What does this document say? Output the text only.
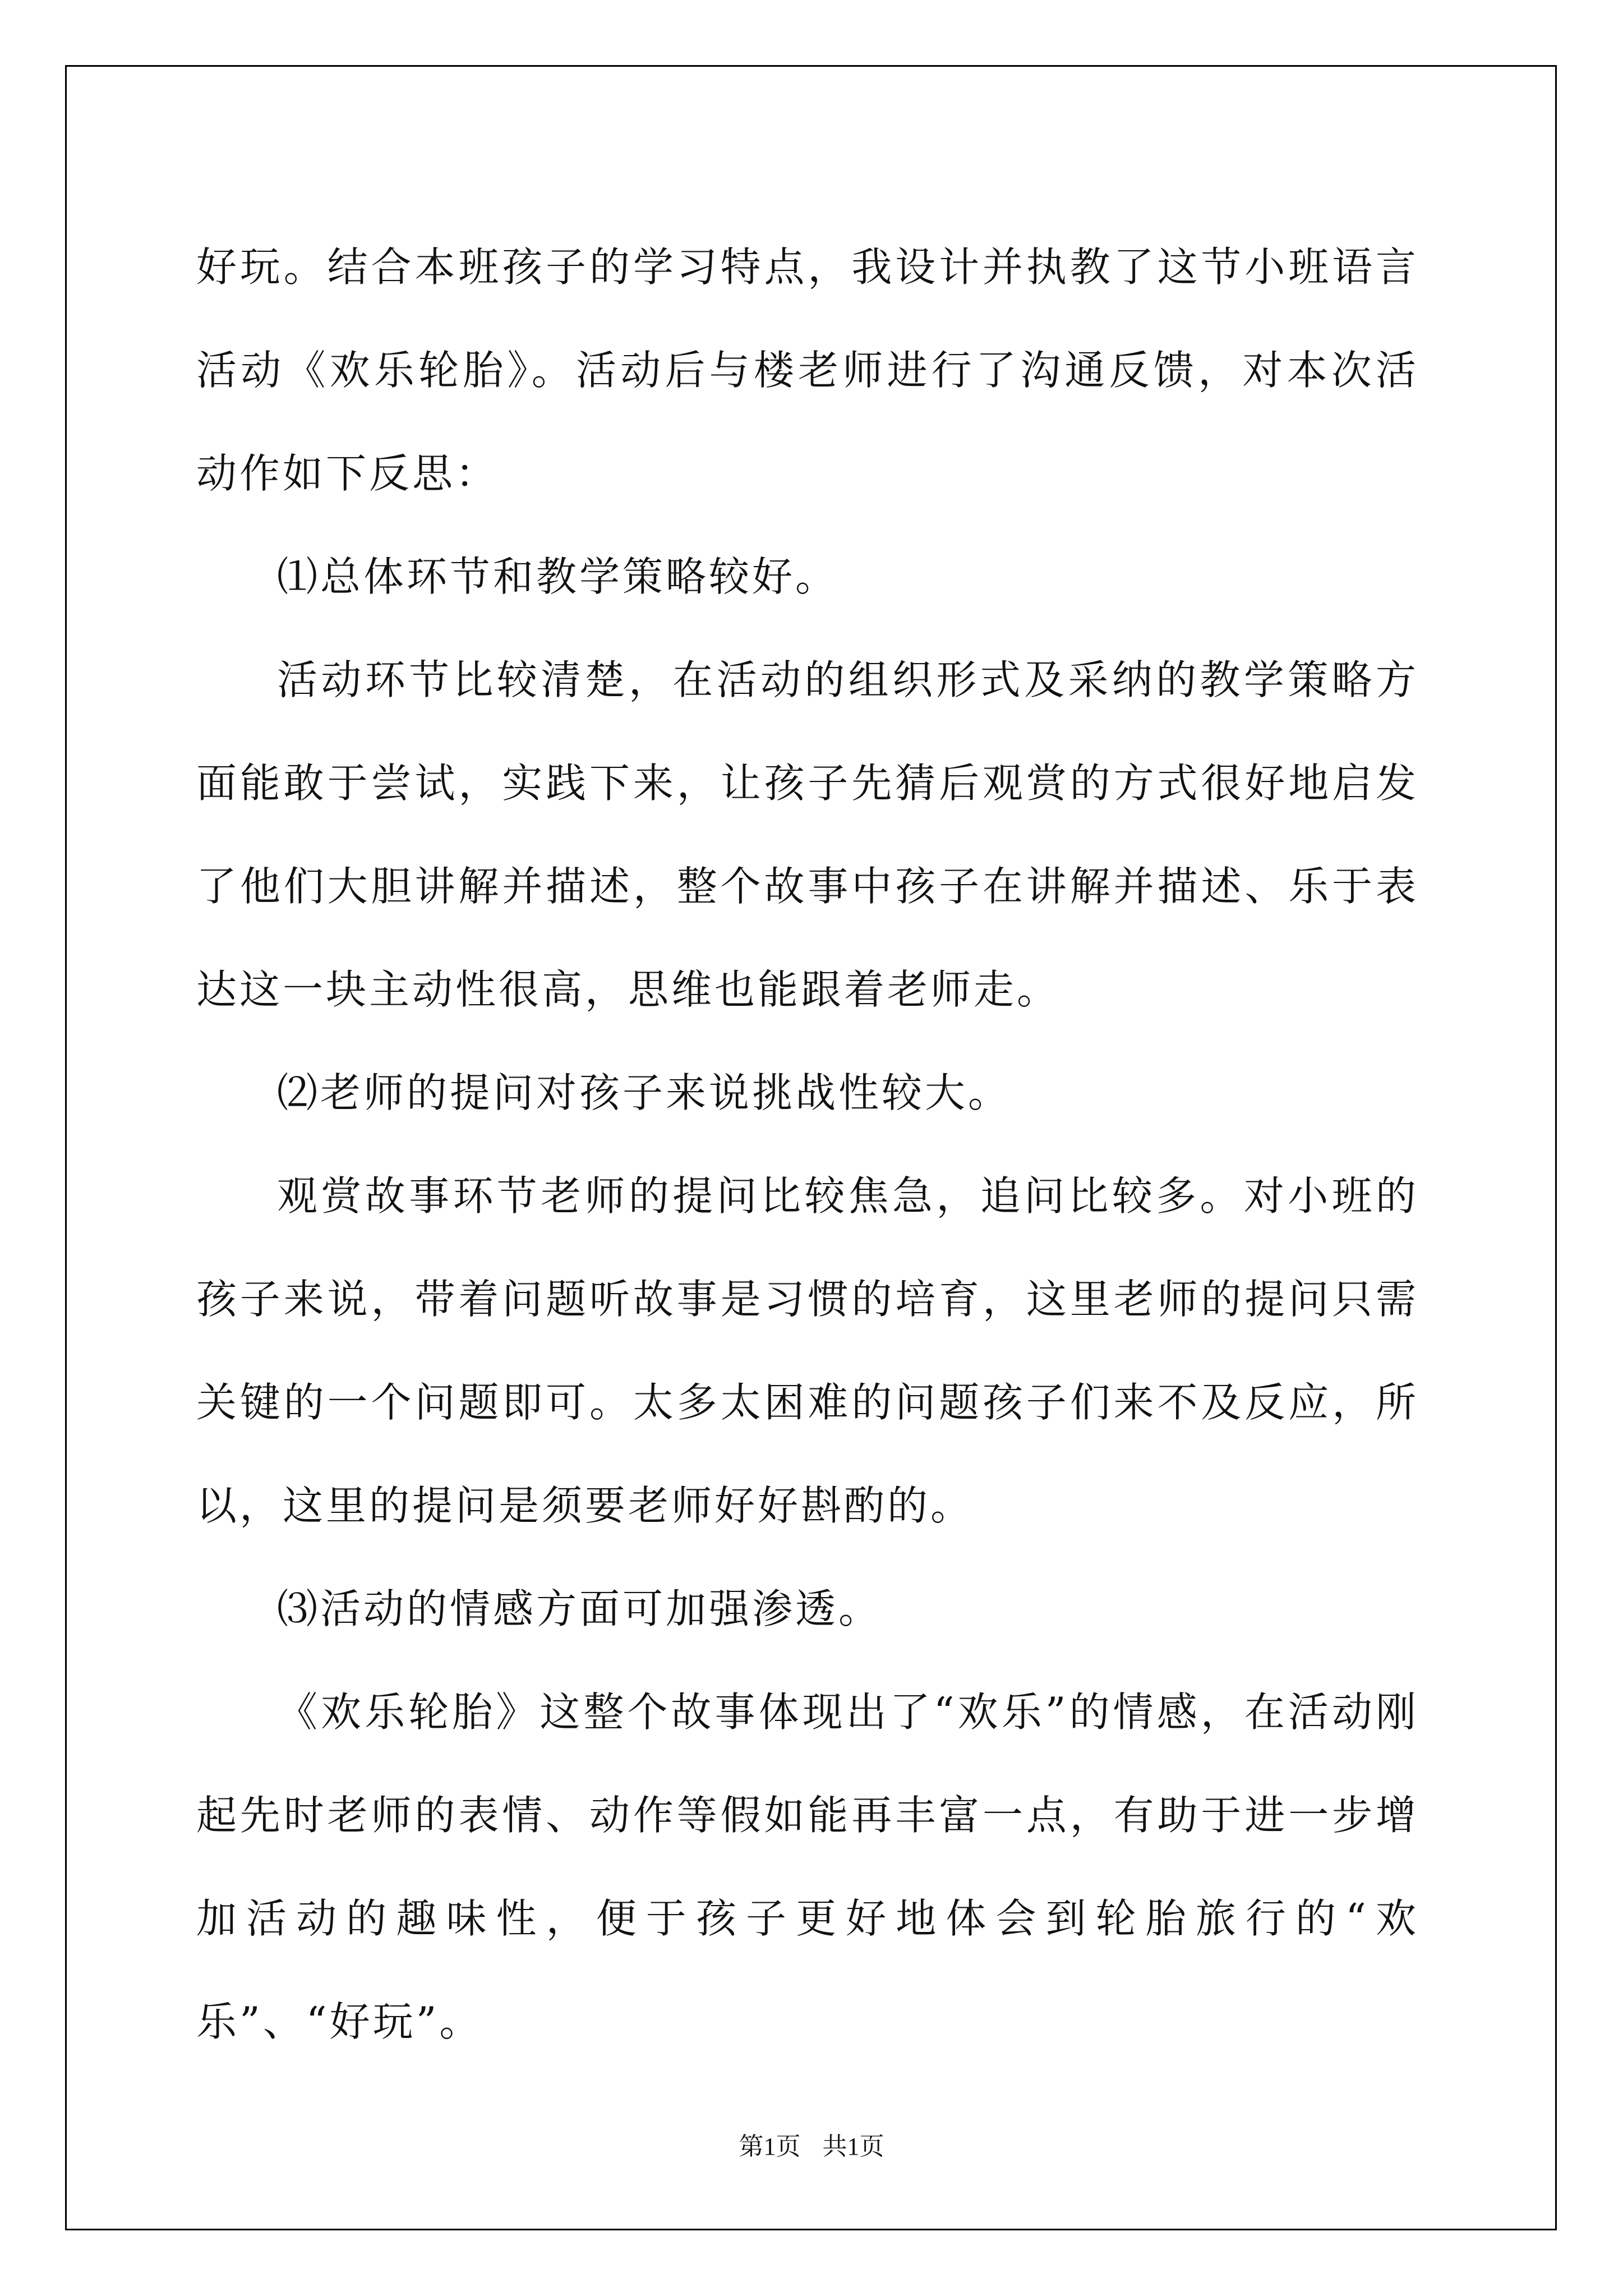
好玩。结合本班孩子的学习特点，我设计并执教了这节小班语言活动《欢乐轮胎》。活动后与楼老师进行了沟通反馈，对本次活动作如下反思：

⑴总体环节和教学策略较好。

活动环节比较清楚，在活动的组织形式及采纳的教学策略方面能敢于尝试，实践下来，让孩子先猜后观赏的方式很好地启发了他们大胆讲解并描述，整个故事中孩子在讲解并描述、乐于表达这一块主动性很高，思维也能跟着老师走。

⑵老师的提问对孩子来说挑战性较大。

观赏故事环节老师的提问比较焦急，追问比较多。对小班的孩子来说，带着问题听故事是习惯的培育，这里老师的提问只需关键的一个问题即可。太多太困难的问题孩子们来不及反应，所以，这里的提问是须要老师好好斟酌的。

⑶活动的情感方面可加强渗透。

《欢乐轮胎》这整个故事体现出了“欢乐”的情感，在活动刚起先时老师的表情、动作等假如能再丰富一点，有助于进一步增加活动的趣味性，便于孩子更好地体会到轮胎旅行的“欢乐”、“好玩”。

第1页 共1页
